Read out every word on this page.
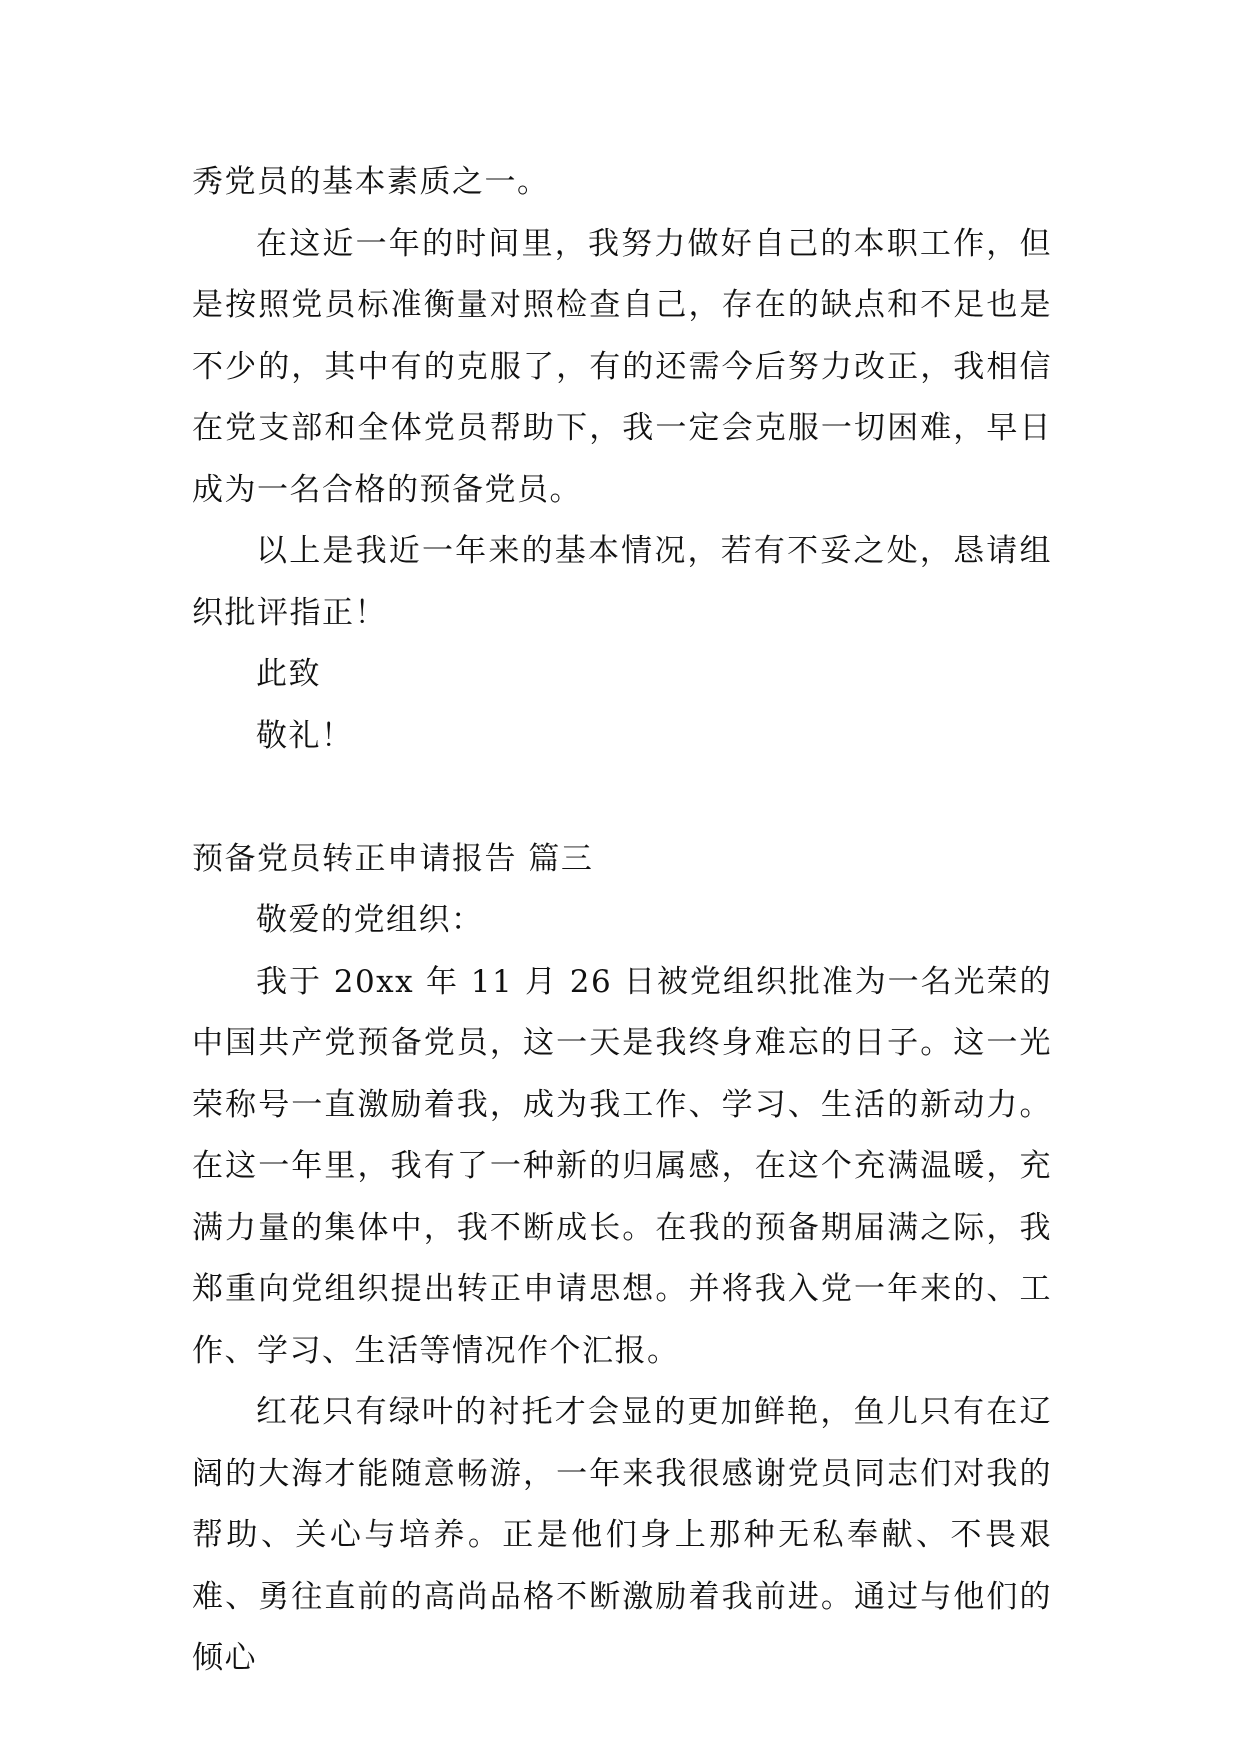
秀党员的基本素质之一。

在这近一年的时间里，我努力做好自己的本职工作，但是按照党员标准衡量对照检查自己，存在的缺点和不足也是不少的，其中有的克服了，有的还需今后努力改正，我相信在党支部和全体党员帮助下，我一定会克服一切困难，早日成为一名合格的预备党员。

以上是我近一年来的基本情况，若有不妥之处，恳请组织批评指正！

此致

敬礼！

预备党员转正申请报告 篇三

敬爱的党组织：

我于 20xx 年 11 月 26 日被党组织批准为一名光荣的中国共产党预备党员，这一天是我终身难忘的日子。这一光荣称号一直激励着我，成为我工作、学习、生活的新动力。在这一年里，我有了一种新的归属感，在这个充满温暖，充满力量的集体中，我不断成长。在我的预备期届满之际，我郑重向党组织提出转正申请思想。并将我入党一年来的、工作、学习、生活等情况作个汇报。

红花只有绿叶的衬托才会显的更加鲜艳，鱼儿只有在辽阔的大海才能随意畅游，一年来我很感谢党员同志们对我的帮助、关心与培养。正是他们身上那种无私奉献、不畏艰难、勇往直前的高尚品格不断激励着我前进。通过与他们的倾心
